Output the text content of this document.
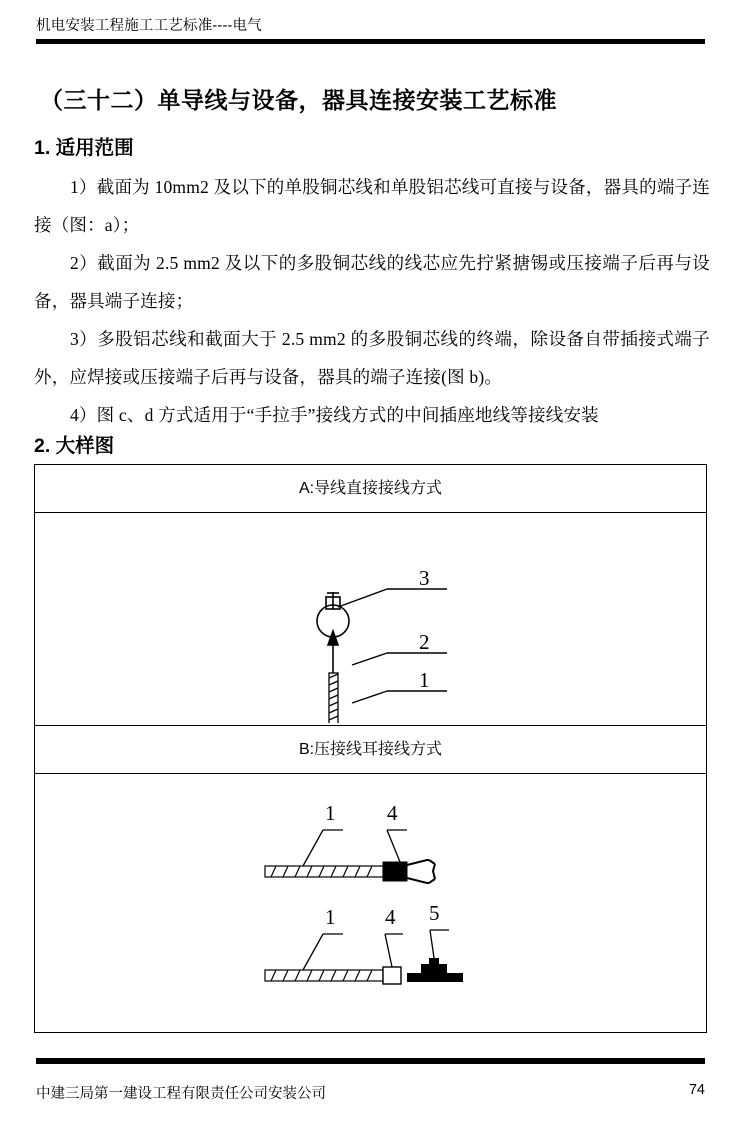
机电安装工程施工工艺标准----电气
（三十二）单导线与设备，器具连接安装工艺标准
1. 适用范围
1）截面为 10mm2 及以下的单股铜芯线和单股铝芯线可直接与设备，器具的端子连接（图：a）；
2）截面为 2.5 mm2 及以下的多股铜芯线的线芯应先拧紧搪锡或压接端子后再与设备，器具端子连接；
3）多股铝芯线和截面大于 2.5 mm2 的多股铜芯线的终端，除设备自带插接式端子外，应焊接或压接端子后再与设备，器具的端子连接(图 b)。
4）图 c、d 方式适用于“手拉手”接线方式的中间插座地线等接线安装
2. 大样图
A:导线直接接线方式
3
2
1
B:压接线耳接线方式
1 4
1 4 5
中建三局第一建设工程有限责任公司安装公司	74
